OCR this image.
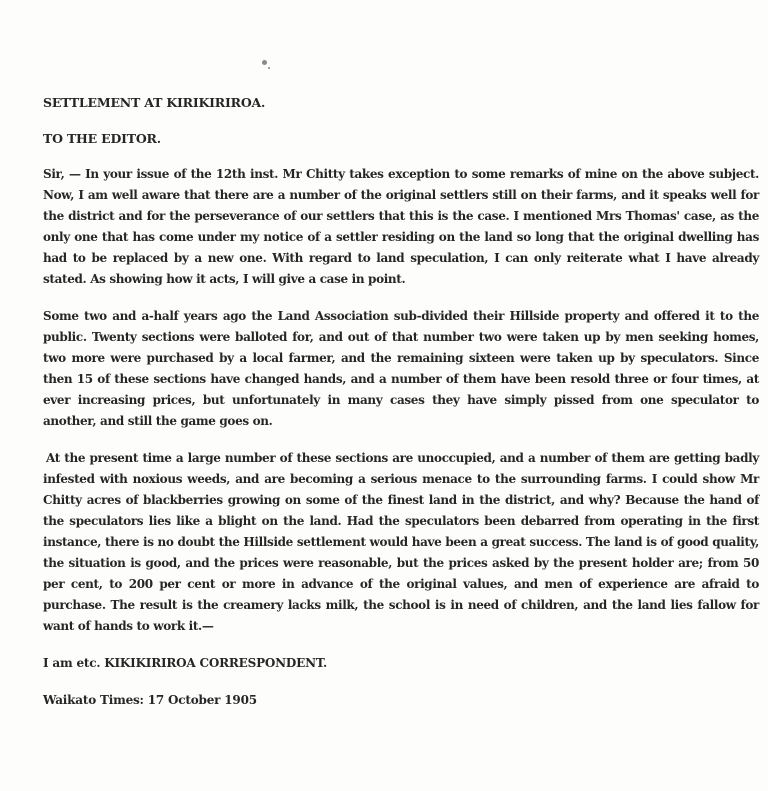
SETTLEMENT AT KIRIKIRIROA.

TO THE EDITOR.

Sir, — In your issue of the 12th inst. Mr Chitty takes exception to some remarks of mine on the above subject. Now, I am well aware that there are a number of the original settlers still on their farms, and it speaks well for the district and for the perseverance of our settlers that this is the case. I mentioned Mrs Thomas' case, as the only one that has come under my notice of a settler residing on the land so long that the original dwelling has had to be replaced by a new one. With regard to land speculation, I can only reiterate what I have already stated. As showing how it acts, I will give a case in point.

Some two and a-half years ago the Land Association sub-divided their Hillside property and offered it to the public. Twenty sections were balloted for, and out of that number two were taken up by men seeking homes, two more were purchased by a local farmer, and the remaining sixteen were taken up by speculators. Since then 15 of these sections have changed hands, and a number of them have been resold three or four times, at ever increasing prices, but unfortunately in many cases they have simply pissed from one speculator to another, and still the game goes on.

At the present time a large number of these sections are unoccupied, and a number of them are getting badly infested with noxious weeds, and are becoming a serious menace to the surrounding farms. I could show Mr Chitty acres of blackberries growing on some of the finest land in the district, and why? Because the hand of the speculators lies like a blight on the land. Had the speculators been debarred from operating in the first instance, there is no doubt the Hillside settlement would have been a great success. The land is of good quality, the situation is good, and the prices were reasonable, but the prices asked by the present holder are; from 50 per cent, to 200 per cent or more in advance of the original values, and men of experience are afraid to purchase. The result is the creamery lacks milk, the school is in need of children, and the land lies fallow for want of hands to work it.—

I am etc. KIKIKIRIROA CORRESPONDENT.

Waikato Times: 17 October 1905
